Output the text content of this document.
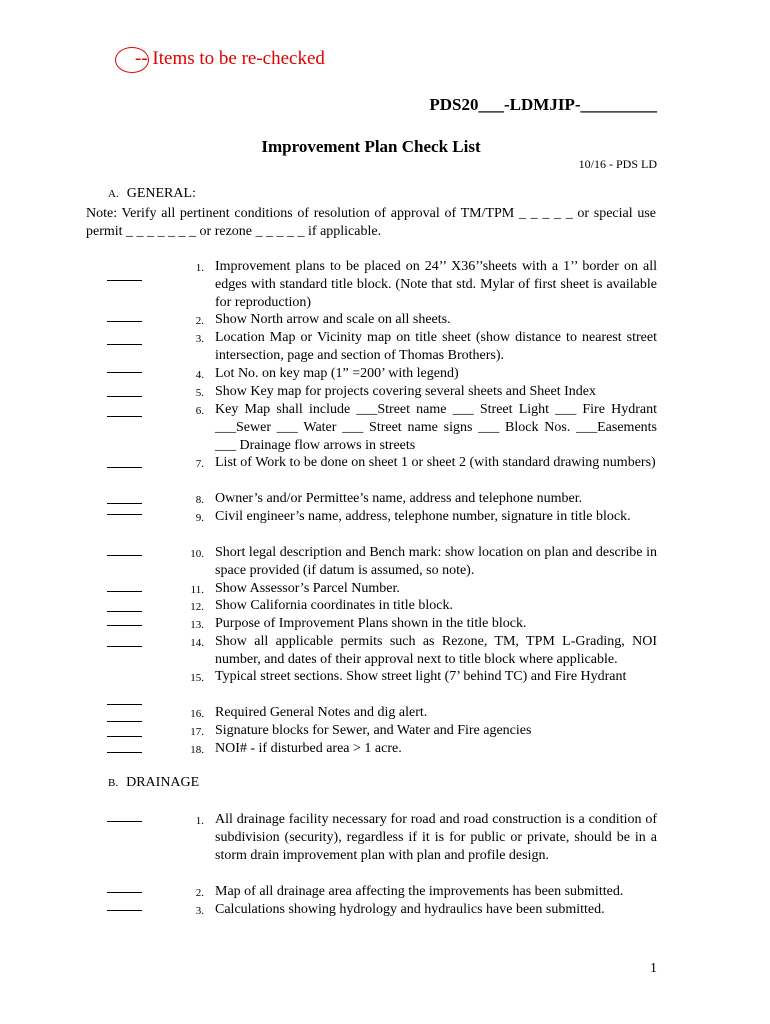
-- Items to be re-checked
PDS20___-LDMJIP-_________
Improvement Plan Check List
10/16 - PDS LD
A. GENERAL:
Note: Verify all pertinent conditions of resolution of approval of TM/TPM _ _ _ _ _ or special use permit _ _ _ _ _ _ _ or rezone _ _ _ _ _ if applicable.
1. Improvement plans to be placed on 24’’ X36’’sheets with a 1’’ border on all edges with standard title block. (Note that std. Mylar of first sheet is available for reproduction)
2. Show North arrow and scale on all sheets.
3. Location Map or Vicinity map on title sheet (show distance to nearest street intersection, page and section of Thomas Brothers).
4. Lot No. on key map (1” =200’ with legend)
5. Show Key map for projects covering several sheets and Sheet Index
6. Key Map shall include ___Street name ___ Street Light ___ Fire Hydrant ___Sewer ___ Water ___ Street name signs ___ Block Nos. ___Easements ___ Drainage flow arrows in streets
7. List of Work to be done on sheet 1 or sheet 2 (with standard drawing numbers)
8. Owner’s and/or Permittee’s name, address and telephone number.
9. Civil engineer’s name, address, telephone number, signature in title block.
10. Short legal description and Bench mark: show location on plan and describe in space provided (if datum is assumed, so note).
11. Show Assessor’s Parcel Number.
12. Show California coordinates in title block.
13. Purpose of Improvement Plans shown in the title block.
14. Show all applicable permits such as Rezone, TM, TPM L-Grading, NOI number, and dates of their approval next to title block where applicable.
15. Typical street sections. Show street light (7’ behind TC) and Fire Hydrant
16. Required General Notes and dig alert.
17. Signature blocks for Sewer, and Water and Fire agencies
18. NOI# - if disturbed area > 1 acre.
B. DRAINAGE
1. All drainage facility necessary for road and road construction is a condition of subdivision (security), regardless if it is for public or private, should be in a storm drain improvement plan with plan and profile design.
2. Map of all drainage area affecting the improvements has been submitted.
3. Calculations showing hydrology and hydraulics have been submitted.
1
